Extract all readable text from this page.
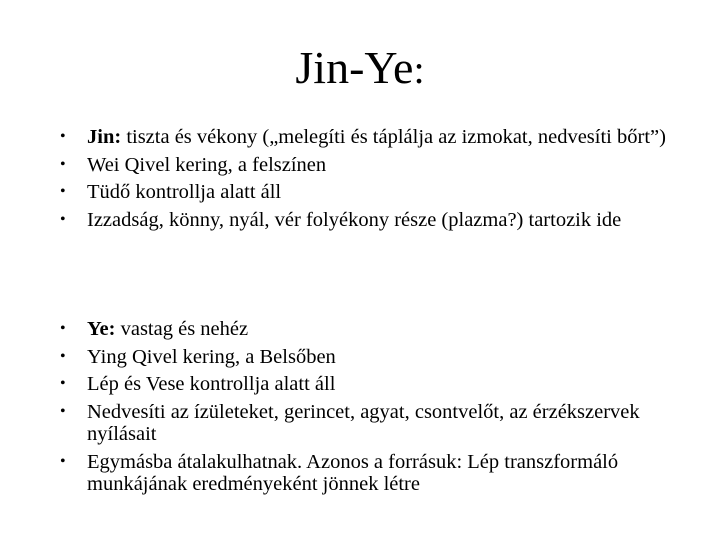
Jin-Ye:
• Jin: tiszta és vékony („melegíti és táplálja az izmokat, nedvesíti bőrt”)
• Wei Qivel kering, a felszínen
• Tüdő kontrollja alatt áll
• Izzadság, könny, nyál, vér folyékony része (plazma?) tartozik ide
• Ye: vastag és nehéz
• Ying Qivel kering, a Belsőben
• Lép és Vese kontrollja alatt áll
• Nedvesíti az ízületeket, gerincet, agyat, csontvelőt, az érzékszervek nyílásait
• Egymásba átalakulhatnak. Azonos a forrásuk: Lép transzformáló munkájának eredményeként jönnek létre
